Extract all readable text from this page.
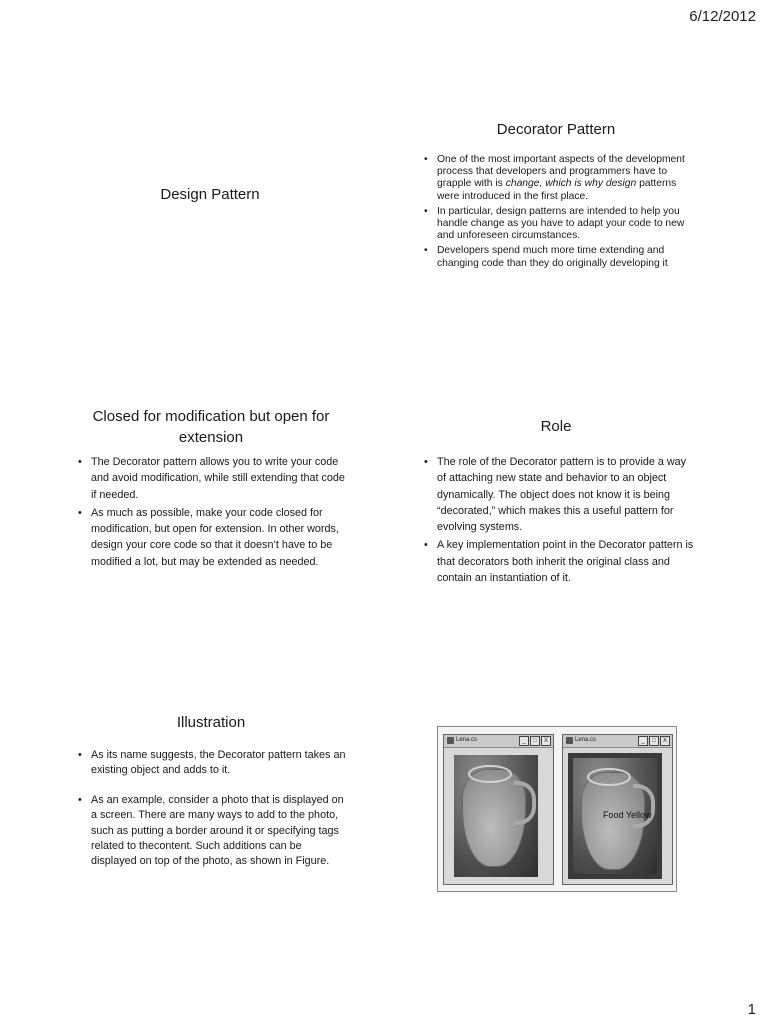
6/12/2012
Design Pattern
Decorator Pattern
• One of the most important aspects of the development process that developers and programmers have to grapple with is change, which is why design patterns were introduced in the first place.
• In particular, design patterns are intended to help you handle change as you have to adapt your code to new and unforeseen circumstances.
• Developers spend much more time extending and changing code than they do originally developing it
Closed for modification but open for extension
• The Decorator pattern allows you to write your code and avoid modification, while still extending that code if needed.
• As much as possible, make your code closed for modification, but open for extension. In other words, design your core code so that it doesn’t have to be modified a lot, but may be extended as needed.
Role
• The role of the Decorator pattern is to provide a way of attaching new state and behavior to an object dynamically. The object does not know it is being “decorated,” which makes this a useful pattern for evolving systems.
• A key implementation point in the Decorator pattern is that decorators both inherit the original class and contain an instantiation of it.
Illustration
• As its name suggests, the Decorator pattern takes an existing object and adds to it.
• As an example, consider a photo that is displayed on a screen. There are many ways to add to the photo, such as putting a border around it or specifying tags related to thecontent. Such additions can be displayed on top of the photo, as shown in Figure.
Lena.cs	_	□	X
jpg
Lena.cs	_	□	X
Food Yellow
1
